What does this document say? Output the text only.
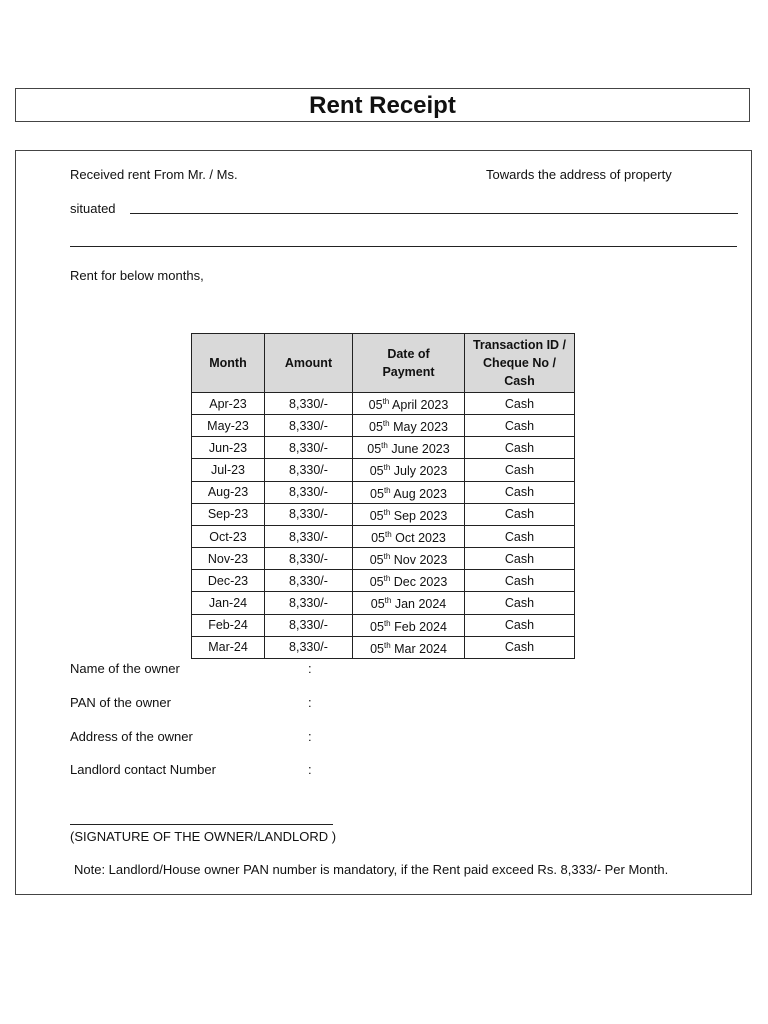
Rent Receipt
Received rent From Mr. / Ms.	Towards the address of property
situated
Rent for below months,
Month	Amount	Date of Payment	Transaction ID / Cheque No / Cash
Apr-23	8,330/-	05th April 2023	Cash
May-23	8,330/-	05th May 2023	Cash
Jun-23	8,330/-	05th June 2023	Cash
Jul-23	8,330/-	05th July 2023	Cash
Aug-23	8,330/-	05th Aug 2023	Cash
Sep-23	8,330/-	05th Sep 2023	Cash
Oct-23	8,330/-	05th Oct 2023	Cash
Nov-23	8,330/-	05th Nov 2023	Cash
Dec-23	8,330/-	05th Dec 2023	Cash
Jan-24	8,330/-	05th Jan 2024	Cash
Feb-24	8,330/-	05th Feb 2024	Cash
Mar-24	8,330/-	05th Mar 2024	Cash
Name of the owner	:
PAN of the owner	:
Address of the owner	:
Landlord contact Number	:
(SIGNATURE OF THE OWNER/LANDLORD )
Note: Landlord/House owner PAN number is mandatory, if the Rent paid exceed Rs. 8,333/- Per Month.
